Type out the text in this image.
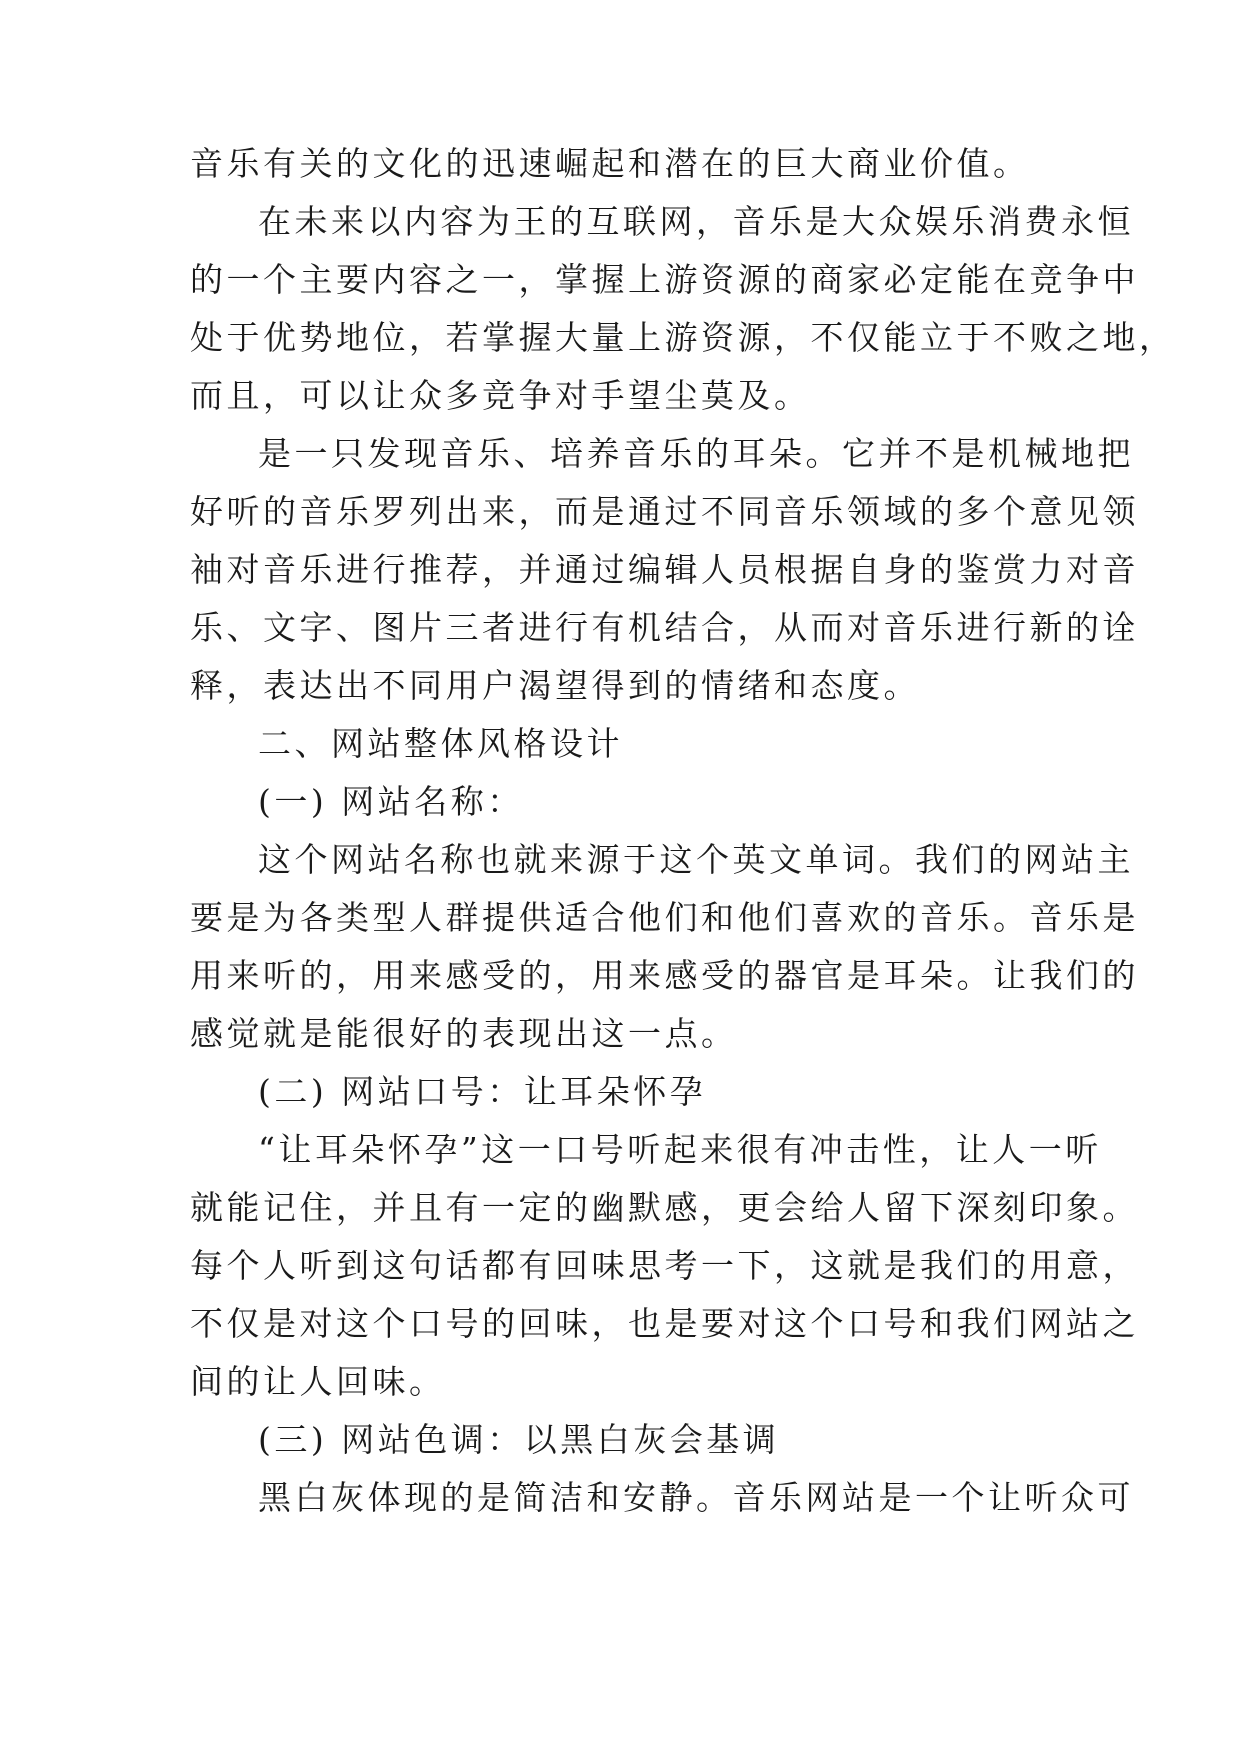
音乐有关的文化的迅速崛起和潜在的巨大商业价值。
在未来以内容为王的互联网，音乐是大众娱乐消费永恒
的一个主要内容之一，掌握上游资源的商家必定能在竞争中
处于优势地位，若掌握大量上游资源，不仅能立于不败之地，
而且，可以让众多竞争对手望尘莫及。
是一只发现音乐、培养音乐的耳朵。它并不是机械地把
好听的音乐罗列出来，而是通过不同音乐领域的多个意见领
袖对音乐进行推荐，并通过编辑人员根据自身的鉴赏力对音
乐、文字、图片三者进行有机结合，从而对音乐进行新的诠
释，表达出不同用户渴望得到的情绪和态度。
二、网站整体风格设计
(一) 网站名称：
这个网站名称也就来源于这个英文单词。我们的网站主
要是为各类型人群提供适合他们和他们喜欢的音乐。音乐是
用来听的，用来感受的，用来感受的器官是耳朵。让我们的
感觉就是能很好的表现出这一点。
(二) 网站口号：让耳朵怀孕
“让耳朵怀孕”这一口号听起来很有冲击性，让人一听
就能记住，并且有一定的幽默感，更会给人留下深刻印象。
每个人听到这句话都有回味思考一下，这就是我们的用意，
不仅是对这个口号的回味，也是要对这个口号和我们网站之
间的让人回味。
(三) 网站色调：以黑白灰会基调
黑白灰体现的是简洁和安静。音乐网站是一个让听众可
